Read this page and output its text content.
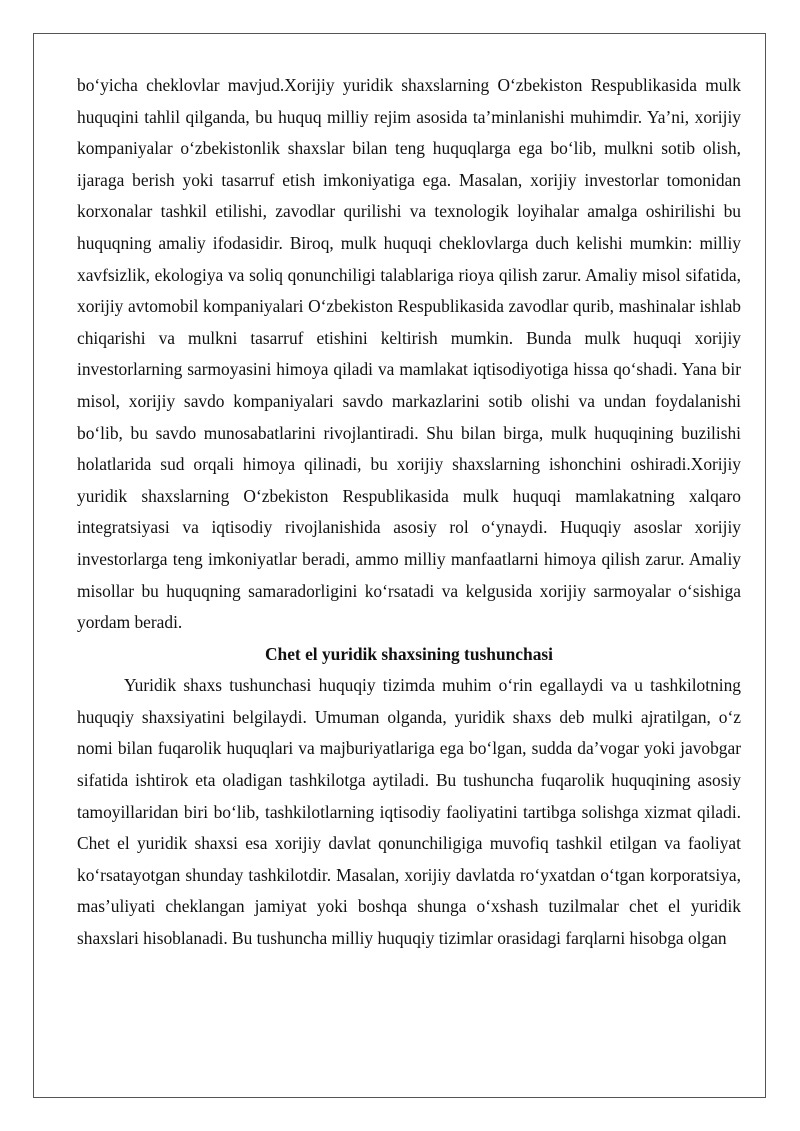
bo‘yicha cheklovlar mavjud.Xorijiy yuridik shaxslarning O‘zbekiston Respublikasida mulk huquqini tahlil qilganda, bu huquq milliy rejim asosida ta’minlanishi muhimdir. Ya’ni, xorijiy kompaniyalar o‘zbekistonlik shaxslar bilan teng huquqlarga ega bo‘lib, mulkni sotib olish, ijaraga berish yoki tasarruf etish imkoniyatiga ega. Masalan, xorijiy investorlar tomonidan korxonalar tashkil etilishi, zavodlar qurilishi va texnologik loyihalar amalga oshirilishi bu huquqning amaliy ifodasidir. Biroq, mulk huquqi cheklovlarga duch kelishi mumkin: milliy xavfsizlik, ekologiya va soliq qonunchiligi talablariga rioya qilish zarur. Amaliy misol sifatida, xorijiy avtomobil kompaniyalari O‘zbekiston Respublikasida zavodlar qurib, mashinalar ishlab chiqarishi va mulkni tasarruf etishini keltirish mumkin. Bunda mulk huquqi xorijiy investorlarning sarmoyasini himoya qiladi va mamlakat iqtisodiyotiga hissa qo‘shadi. Yana bir misol, xorijiy savdo kompaniyalari savdo markazlarini sotib olishi va undan foydalanishi bo‘lib, bu savdo munosabatlarini rivojlantiradi. Shu bilan birga, mulk huquqining buzilishi holatlarida sud orqali himoya qilinadi, bu xorijiy shaxslarning ishonchini oshiradi.Xorijiy yuridik shaxslarning O‘zbekiston Respublikasida mulk huquqi mamlakatning xalqaro integratsiyasi va iqtisodiy rivojlanishida asosiy rol o‘ynaydi. Huquqiy asoslar xorijiy investorlarga teng imkoniyatlar beradi, ammo milliy manfaatlarni himoya qilish zarur. Amaliy misollar bu huquqning samaradorligini ko‘rsatadi va kelgusida xorijiy sarmoyalar o‘sishiga yordam beradi.

Chet el yuridik shaxsining tushunchasi

Yuridik shaxs tushunchasi huquqiy tizimda muhim o‘rin egallaydi va u tashkilotning huquqiy shaxsiyatini belgilaydi. Umuman olganda, yuridik shaxs deb mulki ajratilgan, o‘z nomi bilan fuqarolik huquqlari va majburiyatlariga ega bo‘lgan, sudda da’vogar yoki javobgar sifatida ishtirok eta oladigan tashkilotga aytiladi. Bu tushuncha fuqarolik huquqining asosiy tamoyillaridan biri bo‘lib, tashkilotlarning iqtisodiy faoliyatini tartibga solishga xizmat qiladi. Chet el yuridik shaxsi esa xorijiy davlat qonunchiligiga muvofiq tashkil etilgan va faoliyat ko‘rsatayotgan shunday tashkilotdir. Masalan, xorijiy davlatda ro‘yxatdan o‘tgan korporatsiya, mas’uliyati cheklangan jamiyat yoki boshqa shunga o‘xshash tuzilmalar chet el yuridik shaxslari hisoblanadi. Bu tushuncha milliy huquqiy tizimlar orasidagi farqlarni hisobga olgan
